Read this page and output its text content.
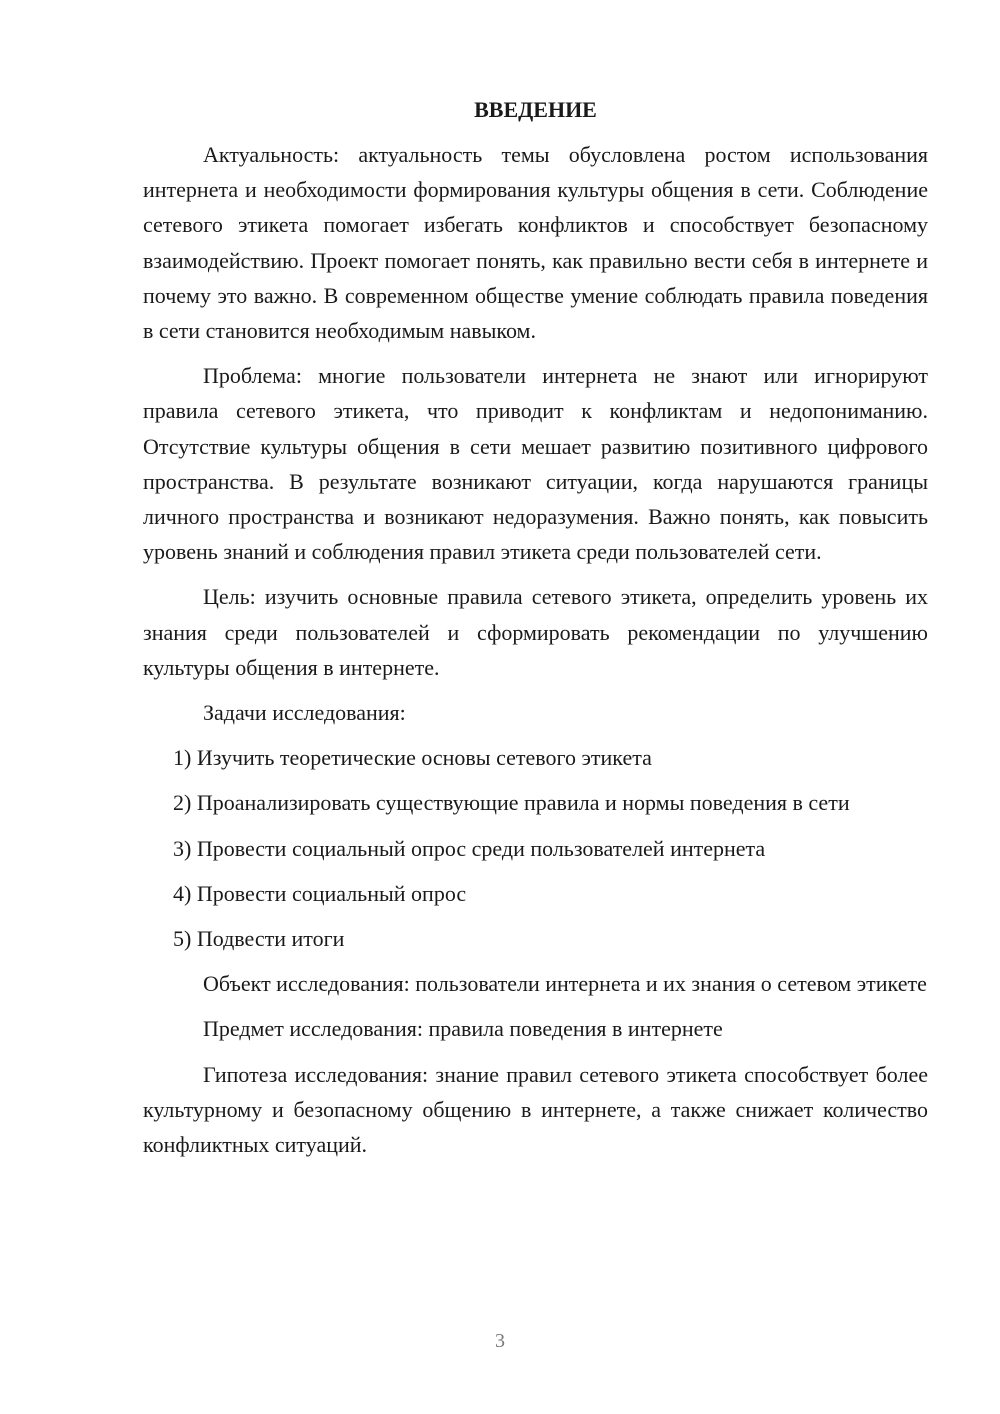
ВВЕДЕНИЕ

Актуальность: актуальность темы обусловлена ростом использования интернета и необходимости формирования культуры общения в сети. Соблюдение сетевого этикета помогает избегать конфликтов и способствует безопасному взаимодействию. Проект помогает понять, как правильно вести себя в интернете и почему это важно. В современном обществе умение соблюдать правила поведения в сети становится необходимым навыком.

Проблема: многие пользователи интернета не знают или игнорируют правила сетевого этикета, что приводит к конфликтам и недопониманию. Отсутствие культуры общения в сети мешает развитию позитивного цифрового пространства. В результате возникают ситуации, когда нарушаются границы личного пространства и возникают недоразумения. Важно понять, как повысить уровень знаний и соблюдения правил этикета среди пользователей сети.

Цель: изучить основные правила сетевого этикета, определить уровень их знания среди пользователей и сформировать рекомендации по улучшению культуры общения в интернете.

Задачи исследования:

1) Изучить теоретические основы сетевого этикета

2) Проанализировать существующие правила и нормы поведения в сети

3) Провести социальный опрос среди пользователей интернета

4) Провести социальный опрос

5) Подвести итоги

Объект исследования: пользователи интернета и их знания о сетевом этикете

Предмет исследования: правила поведения в интернете

Гипотеза исследования: знание правил сетевого этикета способствует более культурному и безопасному общению в интернете, а также снижает количество конфликтных ситуаций.

3
